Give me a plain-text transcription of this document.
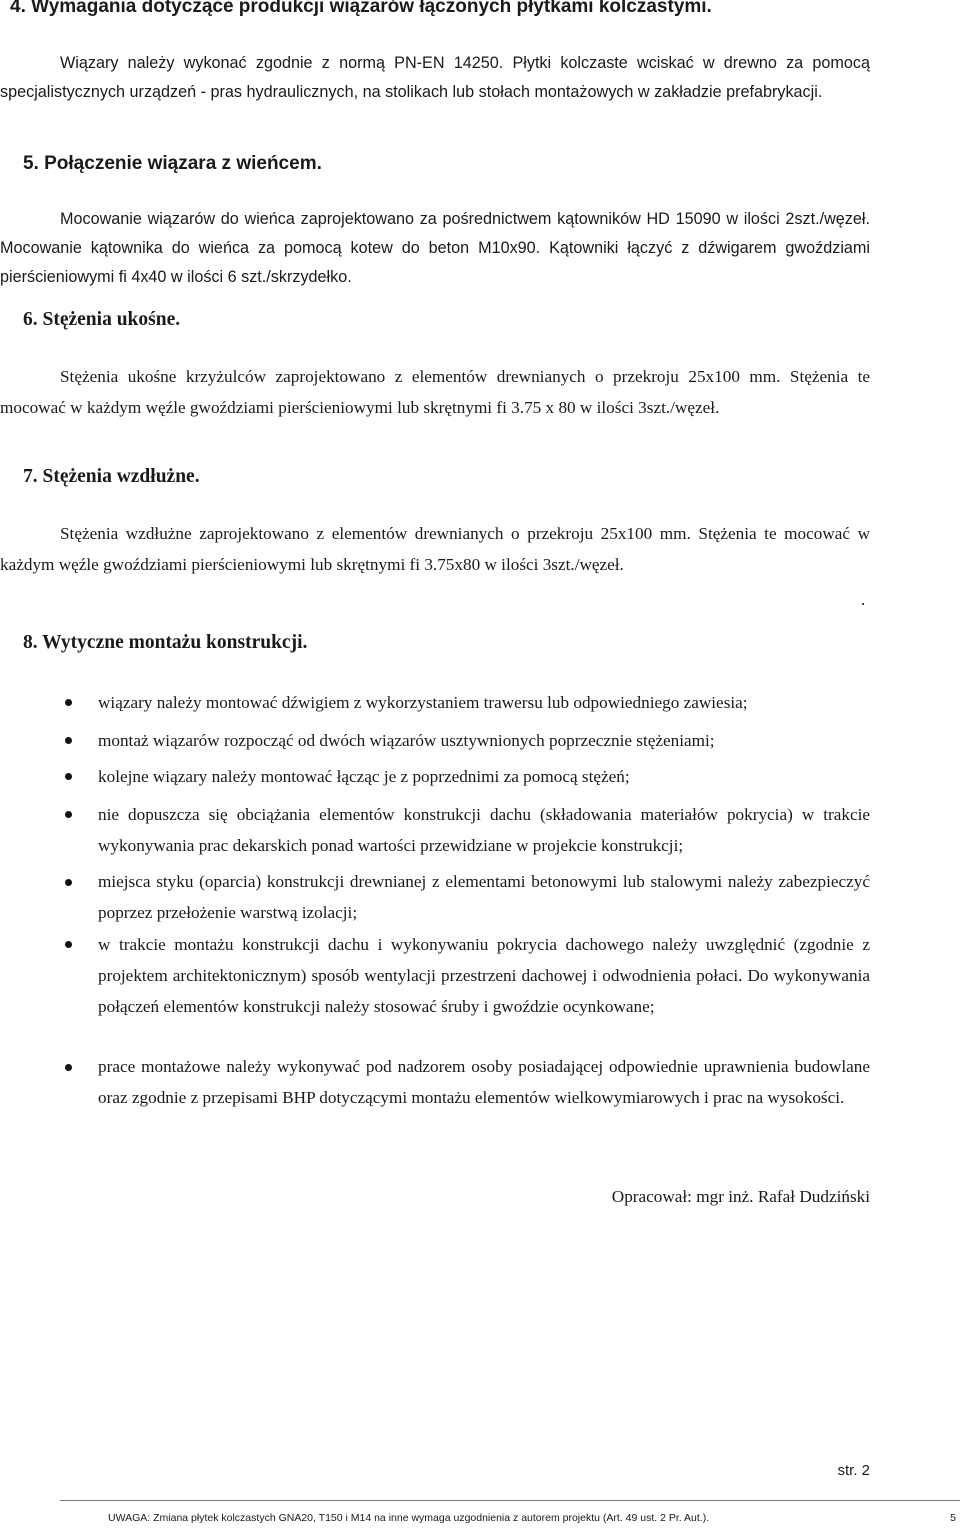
4. Wymagania dotyczące produkcji wiązarów łączonych płytkami kolczastymi.
Wiązary należy wykonać zgodnie z normą PN-EN 14250. Płytki kolczaste wciskać w drewno za pomocą specjalistycznych urządzeń - pras hydraulicznych, na stolikach lub stołach montażowych w zakładzie prefabrykacji.
5. Połączenie wiązara z wieńcem.
Mocowanie wiązarów do wieńca zaprojektowano za pośrednictwem kątowników HD 15090 w ilości 2szt./węzeł. Mocowanie kątownika do wieńca za pomocą kotew do beton M10x90. Kątowniki łączyć z dźwigarem gwoździami pierścieniowymi fi 4x40 w ilości 6 szt./skrzydełko.
6. Stężenia ukośne.
Stężenia ukośne krzyżulców zaprojektowano z elementów drewnianych o przekroju 25x100 mm. Stężenia te mocować w każdym węźle gwoździami pierścieniowymi lub skrętnymi fi 3.75 x 80 w ilości 3szt./węzeł.
7. Stężenia wzdłużne.
Stężenia wzdłużne zaprojektowano z elementów drewnianych o przekroju 25x100 mm. Stężenia te mocować w każdym węźle gwoździami pierścieniowymi lub skrętnymi fi 3.75x80 w ilości 3szt./węzeł.
.
8. Wytyczne montażu konstrukcji.
wiązary należy montować dźwigiem z wykorzystaniem trawersu lub odpowiedniego zawiesia;
montaż wiązarów rozpocząć od dwóch wiązarów usztywnionych poprzecznie stężeniami;
kolejne wiązary należy montować łącząc je z poprzednimi za pomocą stężeń;
nie dopuszcza się obciążania elementów konstrukcji dachu (składowania materiałów pokrycia) w trakcie wykonywania prac dekarskich ponad wartości przewidziane w projekcie konstrukcji;
miejsca styku (oparcia) konstrukcji drewnianej z elementami betonowymi lub stalowymi należy zabezpieczyć poprzez przełożenie warstwą izolacji;
w trakcie montażu konstrukcji dachu i wykonywaniu pokrycia dachowego należy uwzględnić (zgodnie z projektem architektonicznym) sposób wentylacji przestrzeni dachowej i odwodnienia połaci. Do wykonywania połączeń elementów konstrukcji należy stosować śruby i gwoździe ocynkowane;
prace montażowe należy wykonywać pod nadzorem osoby posiadającej odpowiednie uprawnienia budowlane oraz zgodnie z przepisami BHP dotyczącymi montażu elementów wielkowymiarowych i prac na wysokości.
Opracował: mgr inż. Rafał Dudziński
str. 2
UWAGA: Zmiana płytek kolczastych GNA20, T150 i M14 na inne wymaga uzgodnienia z autorem projektu (Art. 49 ust. 2 Pr. Aut.).	5
